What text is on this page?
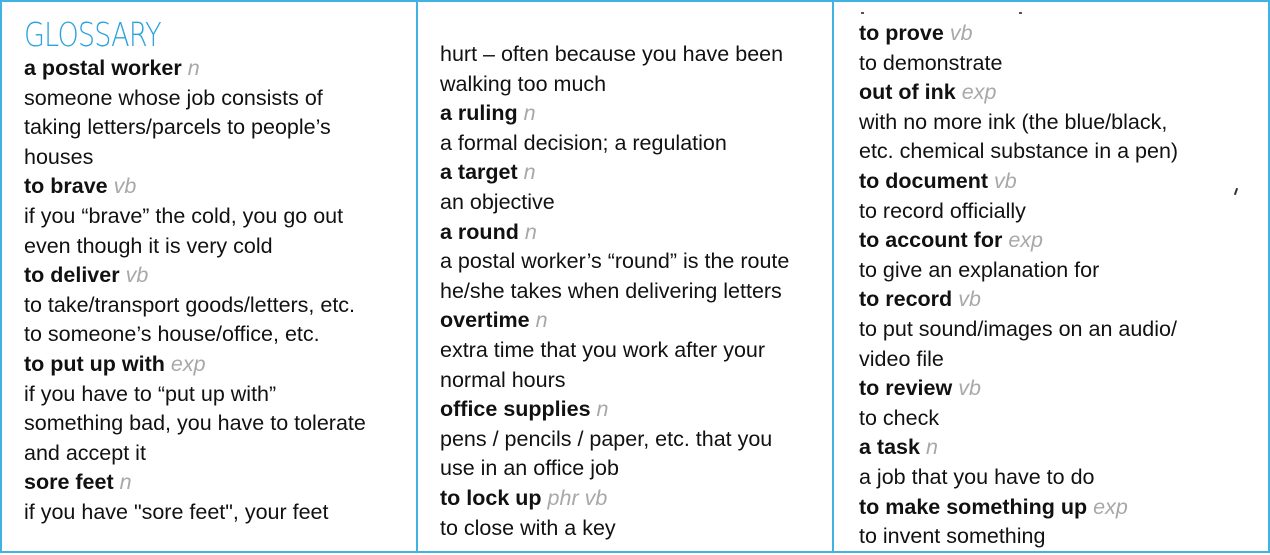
GLOSSARY
a postal worker n
someone whose job consists of
taking letters/parcels to people’s
houses
to brave vb
if you “brave” the cold, you go out
even though it is very cold
to deliver vb
to take/transport goods/letters, etc.
to someone’s house/office, etc.
to put up with exp
if you have to “put up with”
something bad, you have to tolerate
and accept it
sore feet n
if you have "sore feet", your feet
hurt – often because you have been
walking too much
a ruling n
a formal decision; a regulation
a target n
an objective
a round n
a postal worker’s “round” is the route
he/she takes when delivering letters
overtime n
extra time that you work after your
normal hours
office supplies n
pens / pencils / paper, etc. that you
use in an office job
to lock up phr vb
to close with a key
to prove vb
to demonstrate
out of ink exp
with no more ink (the blue/black,
etc. chemical substance in a pen)
to document vb
to record officially
to account for exp
to give an explanation for
to record vb
to put sound/images on an audio/
video file
to review vb
to check
a task n
a job that you have to do
to make something up exp
to invent something
